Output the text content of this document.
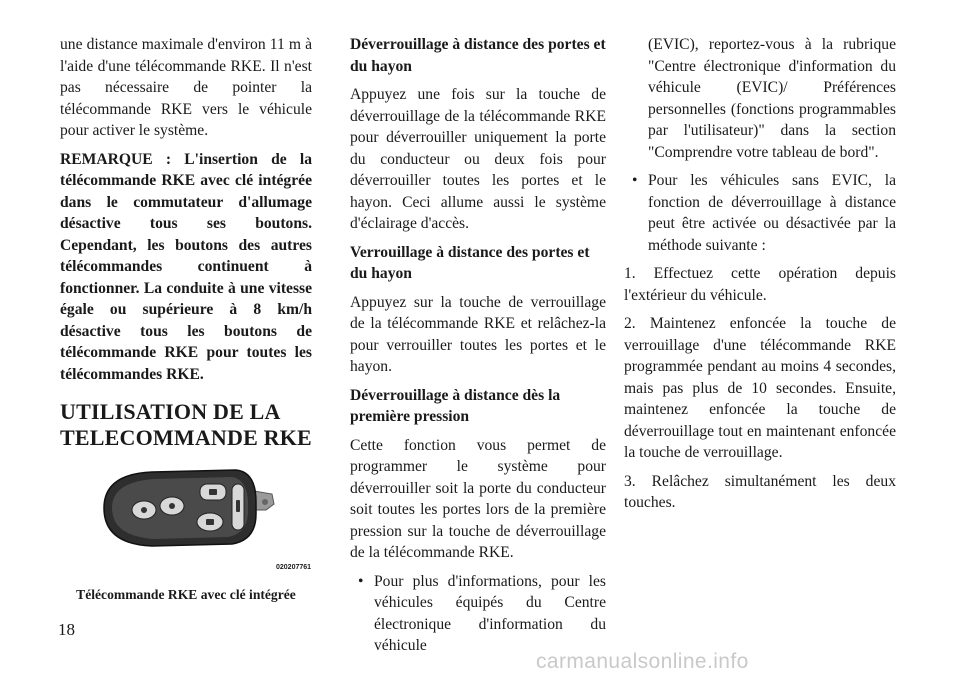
une distance maximale d'environ 11 m à l'aide d'une télécommande RKE. Il n'est pas nécessaire de pointer la télécommande RKE vers le véhicule pour activer le système.

REMARQUE : L'insertion de la télécommande RKE avec clé intégrée dans le commutateur d'allumage désactive tous ses boutons. Cependant, les boutons des autres télécommandes continuent à fonctionner. La conduite à une vitesse égale ou supérieure à 8 km/h désactive tous les boutons de télécommande RKE pour toutes les télécommandes RKE.

UTILISATION DE LA
TELECOMMANDE RKE
020207761
Télécommande RKE avec clé intégrée

Déverrouillage à distance des portes et du hayon

Appuyez une fois sur la touche de déverrouillage de la télécommande RKE pour déverrouiller uniquement la porte du conducteur ou deux fois pour déverrouiller toutes les portes et le hayon. Ceci allume aussi le système d'éclairage d'accès.

Verrouillage à distance des portes et du hayon

Appuyez sur la touche de verrouillage de la télécommande RKE et relâchez-la pour verrouiller toutes les portes et le hayon.

Déverrouillage à distance dès la première pression

Cette fonction vous permet de programmer le système pour déverrouiller soit la porte du conducteur soit toutes les portes lors de la première pression sur la touche de déverrouillage de la télécommande RKE.

• Pour plus d'informations, pour les véhicules équipés du Centre électronique d'information du véhicule

(EVIC), reportez-vous à la rubrique "Centre électronique d'information du véhicule (EVIC)/ Préférences personnelles (fonctions programmables par l'utilisateur)" dans la section "Comprendre votre tableau de bord".

• Pour les véhicules sans EVIC, la fonction de déverrouillage à distance peut être activée ou désactivée par la méthode suivante :

1. Effectuez cette opération depuis l'extérieur du véhicule.

2. Maintenez enfoncée la touche de verrouillage d'une télécommande RKE programmée pendant au moins 4 secondes, mais pas plus de 10 secondes. Ensuite, maintenez enfoncée la touche de déverrouillage tout en maintenant enfoncée la touche de verrouillage.

3. Relâchez simultanément les deux touches.

18
carmanualsonline.info
